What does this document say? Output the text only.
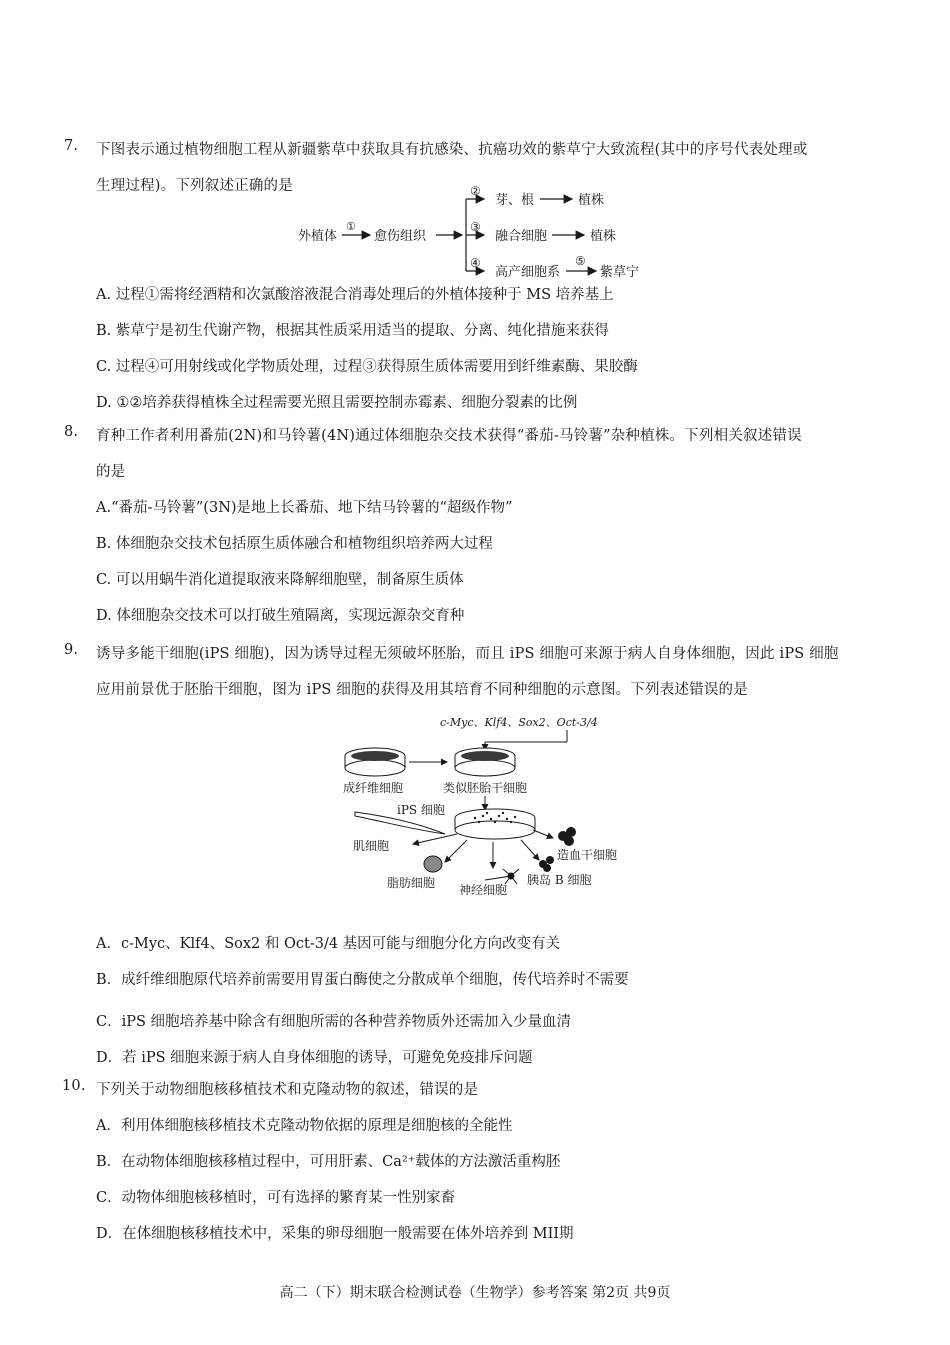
7. 下图表示通过植物细胞工程从新疆紫草中获取具有抗感染、抗癌功效的紫草宁大致流程(其中的序号代表处理或
生理过程)。下列叙述正确的是
外植体
①
愈伤组织
②
芽、根	植株
③
融合细胞	植株
④
高产细胞系
⑤
紫草宁
A. 过程①需将经酒精和次氯酸溶液混合消毒处理后的外植体接种于 MS 培养基上
B. 紫草宁是初生代谢产物，根据其性质采用适当的提取、分离、纯化措施来获得
C. 过程④可用射线或化学物质处理，过程③获得原生质体需要用到纤维素酶、果胶酶
D. ①②培养获得植株全过程需要光照且需要控制赤霉素、细胞分裂素的比例
8. 育种工作者利用番茄(2N)和马铃薯(4N)通过体细胞杂交技术获得“番茄-马铃薯”杂种植株。下列相关叙述错误
的是
A.“番茄-马铃薯”(3N)是地上长番茄、地下结马铃薯的“超级作物”
B. 体细胞杂交技术包括原生质体融合和植物组织培养两大过程
C. 可以用蜗牛消化道提取液来降解细胞壁，制备原生质体
D. 体细胞杂交技术可以打破生殖隔离，实现远源杂交育种
9. 诱导多能干细胞(iPS 细胞)，因为诱导过程无须破坏胚胎，而且 iPS 细胞可来源于病人自身体细胞，因此 iPS 细胞
应用前景优于胚胎干细胞，图为 iPS 细胞的获得及用其培育不同种细胞的示意图。下列表述错误的是
c-Myc、Klf4、Sox2、Oct-3/4
成纤维细胞	类似胚胎干细胞
iPS 细胞
肌细胞
脂肪细胞 神经细胞
胰岛 B 细胞
造血干细胞
A．c-Myc、Klf4、Sox2 和 Oct-3/4 基因可能与细胞分化方向改变有关
B．成纤维细胞原代培养前需要用胃蛋白酶使之分散成单个细胞，传代培养时不需要
C．iPS 细胞培养基中除含有细胞所需的各种营养物质外还需加入少量血清
D．若 iPS 细胞来源于病人自身体细胞的诱导，可避免免疫排斥问题
10. 下列关于动物细胞核移植技术和克隆动物的叙述，错误的是
A．利用体细胞核移植技术克隆动物依据的原理是细胞核的全能性
B．在动物体细胞核移植过程中，可用肝素、Ca²⁺载体的方法激活重构胚
C．动物体细胞核移植时，可有选择的繁育某一性别家畜
D．在体细胞核移植技术中，采集的卵母细胞一般需要在体外培养到 MII期
高二（下）期末联合检测试卷（生物学）参考答案 第2页 共9页
